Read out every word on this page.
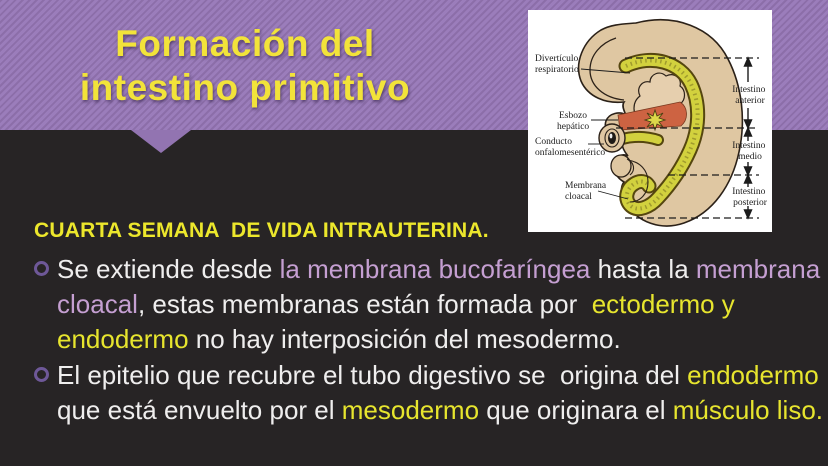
Formación del
intestino primitivo
Divertículo respiratorio
Esbozo hepático
Conducto onfalomesentérico
Membrana cloacal
Intestino anterior
Intestino medio
Intestino posterior
CUARTA SEMANA  DE VIDA INTRAUTERINA.
Se extiende desde la membrana bucofaríngea hasta la membrana
cloacal, estas membranas están formada por  ectodermo y
endodermo no hay interposición del mesodermo.
El epitelio que recubre el tubo digestivo se  origina del endodermo
que está envuelto por el mesodermo que originara el músculo liso.
